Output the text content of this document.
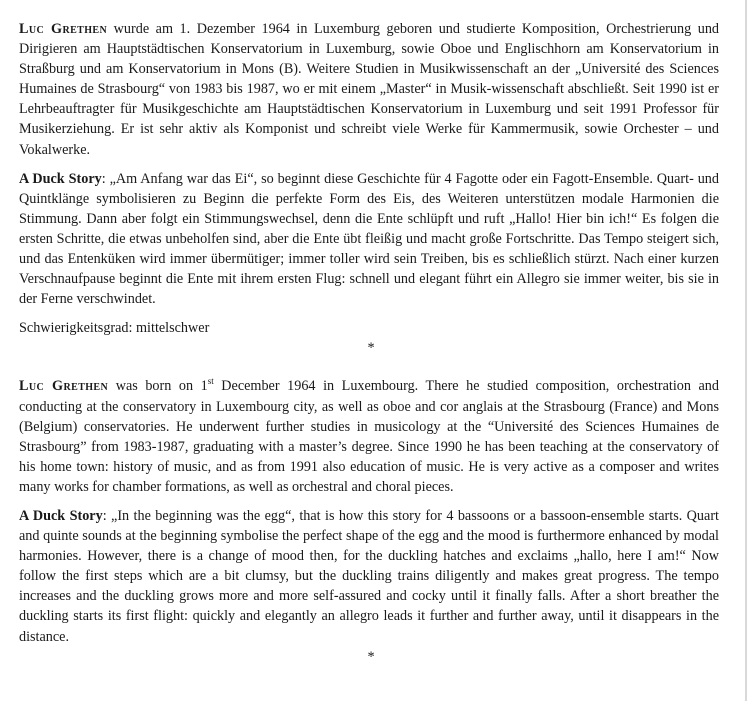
Luc Grethen wurde am 1. Dezember 1964 in Luxemburg geboren und studierte Komposition, Orchestrierung und Dirigieren am Hauptstädtischen Konservatorium in Luxemburg, sowie Oboe und Englischhorn am Konservatorium in Straßburg und am Konservatorium in Mons (B). Weitere Studien in Musikwissenschaft an der „Université des Sciences Humaines de Strasbourg“ von 1983 bis 1987, wo er mit einem „Master“ in Musik-wissenschaft abschließt. Seit 1990 ist er Lehrbeauftragter für Musikgeschichte am Hauptstädtischen Konservatorium in Luxemburg und seit 1991 Professor für Musikerziehung. Er ist sehr aktiv als Komponist und schreibt viele Werke für Kammermusik, sowie Orchester – und Vokalwerke.

A Duck Story: „Am Anfang war das Ei“, so beginnt diese Geschichte für 4 Fagotte oder ein Fagott-Ensemble. Quart- und Quintklänge symbolisieren zu Beginn die perfekte Form des Eis, des Weiteren unterstützen modale Harmonien die Stimmung. Dann aber folgt ein Stimmungswechsel, denn die Ente schlüpft und ruft „Hallo! Hier bin ich!“ Es folgen die ersten Schritte, die etwas unbeholfen sind, aber die Ente übt fleißig und macht große Fortschritte. Das Tempo steigert sich, und das Entenküken wird immer übermütiger; immer toller wird sein Treiben, bis es schließlich stürzt. Nach einer kurzen Verschnaufpause beginnt die Ente mit ihrem ersten Flug: schnell und elegant führt ein Allegro sie immer weiter, bis sie in der Ferne verschwindet.

Schwierigkeitsgrad: mittelschwer

*

Luc Grethen was born on 1st December 1964 in Luxembourg. There he studied composition, orchestration and conducting at the conservatory in Luxembourg city, as well as oboe and cor anglais at the Strasbourg (France) and Mons (Belgium) conservatories. He underwent further studies in musicology at the “Université des Sciences Humaines de Strasbourg” from 1983-1987, graduating with a master’s degree. Since 1990 he has been teaching at the conservatory of his home town: history of music, and as from 1991 also education of music. He is very active as a composer and writes many works for chamber formations, as well as orchestral and choral pieces.

A Duck Story: „In the beginning was the egg“, that is how this story for 4 bassoons or a bassoon-ensemble starts. Quart and quinte sounds at the beginning symbolise the perfect shape of the egg and the mood is furthermore enhanced by modal harmonies. However, there is a change of mood then, for the duckling hatches and exclaims „hallo, here I am!“ Now follow the first steps which are a bit clumsy, but the duckling trains diligently and makes great progress. The tempo increases and the duckling grows more and more self-assured and cocky until it finally falls. After a short breather the duckling starts its first flight: quickly and elegantly an allegro leads it further and further away, until it disappears in the distance.

*
